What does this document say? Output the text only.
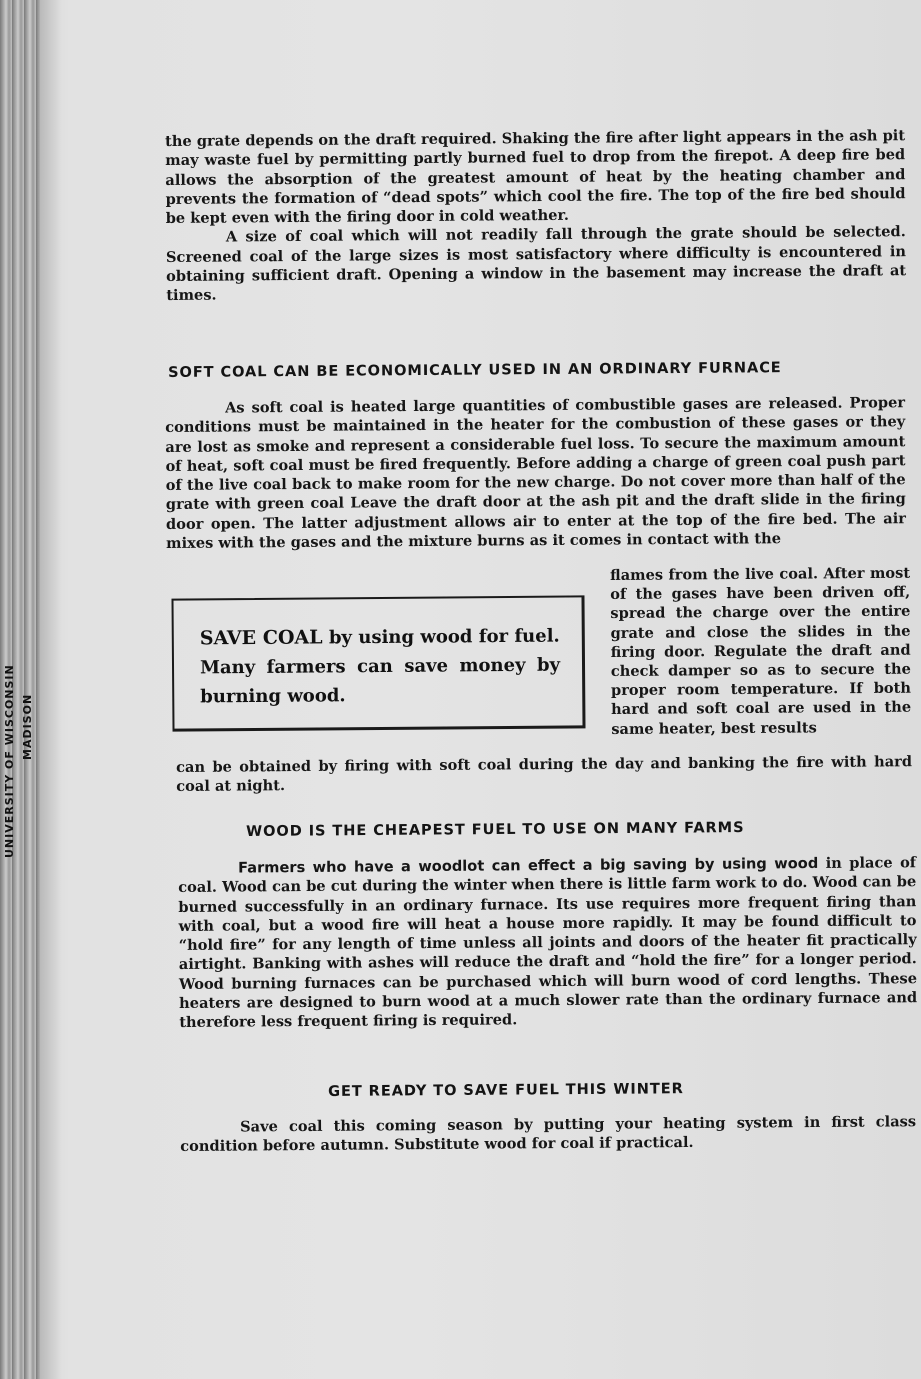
UNIVERSITY OF WISCONSIN MADISON

the grate depends on the draft required. Shaking the fire after light appears in the ash pit may waste fuel by permitting partly burned fuel to drop from the firepot. A deep fire bed allows the absorption of the greatest amount of heat by the heating chamber and prevents the formation of “dead spots” which cool the fire. The top of the fire bed should be kept even with the firing door in cold weather.

A size of coal which will not readily fall through the grate should be selected. Screened coal of the large sizes is most satisfactory where difficulty is encountered in obtaining sufficient draft. Opening a window in the basement may increase the draft at times.

SOFT COAL CAN BE ECONOMICALLY USED IN AN ORDINARY FURNACE

As soft coal is heated large quantities of combustible gases are released. Proper conditions must be maintained in the heater for the combustion of these gases or they are lost as smoke and represent a considerable fuel loss. To secure the maximum amount of heat, soft coal must be fired frequently. Before adding a charge of green coal push part of the live coal back to make room for the new charge. Do not cover more than half of the grate with green coal Leave the draft door at the ash pit and the draft slide in the firing door open. The latter adjustment allows air to enter at the top of the fire bed. The air mixes with the gases and the mixture burns as it comes in contact with the

flames from the live coal. After most of the gases have been driven off, spread the charge over the entire grate and close the slides in the firing door. Regulate the draft and check damper so as to secure the proper room temperature. If both hard and soft coal are used in the same heater, best results

SAVE COAL by using wood for fuel. Many farmers can save money by burning wood.

can be obtained by firing with soft coal during the day and banking the fire with hard coal at night.

WOOD IS THE CHEAPEST FUEL TO USE ON MANY FARMS

Farmers who have a woodlot can effect a big saving by using wood in place of coal. Wood can be cut during the winter when there is little farm work to do. Wood can be burned successfully in an ordinary furnace. Its use requires more frequent firing than with coal, but a wood fire will heat a house more rapidly. It may be found difficult to “hold fire” for any length of time unless all joints and doors of the heater fit practically airtight. Banking with ashes will reduce the draft and “hold the fire” for a longer period. Wood burning furnaces can be purchased which will burn wood of cord lengths. These heaters are designed to burn wood at a much slower rate than the ordinary furnace and therefore less frequent firing is required.

GET READY TO SAVE FUEL THIS WINTER

Save coal this coming season by putting your heating system in first class condition before autumn. Substitute wood for coal if practical.
